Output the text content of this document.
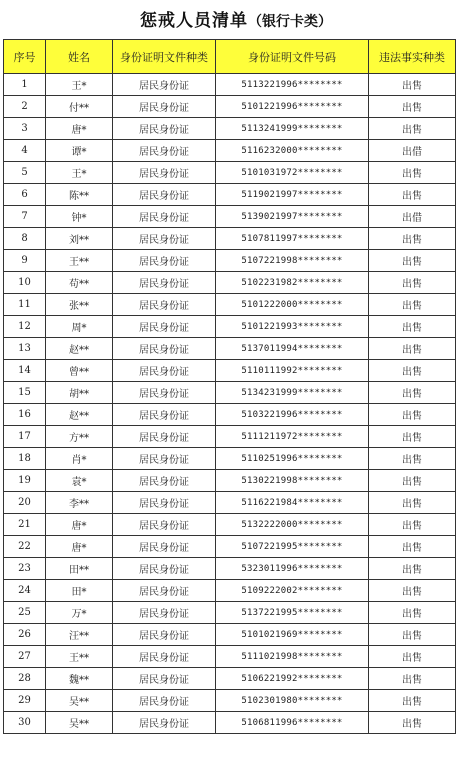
惩戒人员清单（银行卡类）
序号	姓名	身份证明文件种类	身份证明文件号码	违法事实种类
1	王*	居民身份证	5113221996********	出售
2	付**	居民身份证	5101221996********	出售
3	唐*	居民身份证	5113241999********	出售
4	谭*	居民身份证	5116232000********	出借
5	王*	居民身份证	5101031972********	出售
6	陈**	居民身份证	5119021997********	出售
7	钟*	居民身份证	5139021997********	出借
8	刘**	居民身份证	5107811997********	出售
9	王**	居民身份证	5107221998********	出售
10	苟**	居民身份证	5102231982********	出售
11	张**	居民身份证	5101222000********	出售
12	周*	居民身份证	5101221993********	出售
13	赵**	居民身份证	5137011994********	出售
14	曾**	居民身份证	5110111992********	出售
15	胡**	居民身份证	5134231999********	出售
16	赵**	居民身份证	5103221996********	出售
17	方**	居民身份证	5111211972********	出售
18	肖*	居民身份证	5110251996********	出售
19	袁*	居民身份证	5130221998********	出售
20	李**	居民身份证	5116221984********	出售
21	唐*	居民身份证	5132222000********	出售
22	唐*	居民身份证	5107221995********	出售
23	田**	居民身份证	5323011996********	出售
24	田*	居民身份证	5109222002********	出售
25	万*	居民身份证	5137221995********	出售
26	汪**	居民身份证	5101021969********	出售
27	王**	居民身份证	5111021998********	出售
28	魏**	居民身份证	5106221992********	出售
29	吴**	居民身份证	5102301980********	出售
30	吴**	居民身份证	5106811996********	出售
